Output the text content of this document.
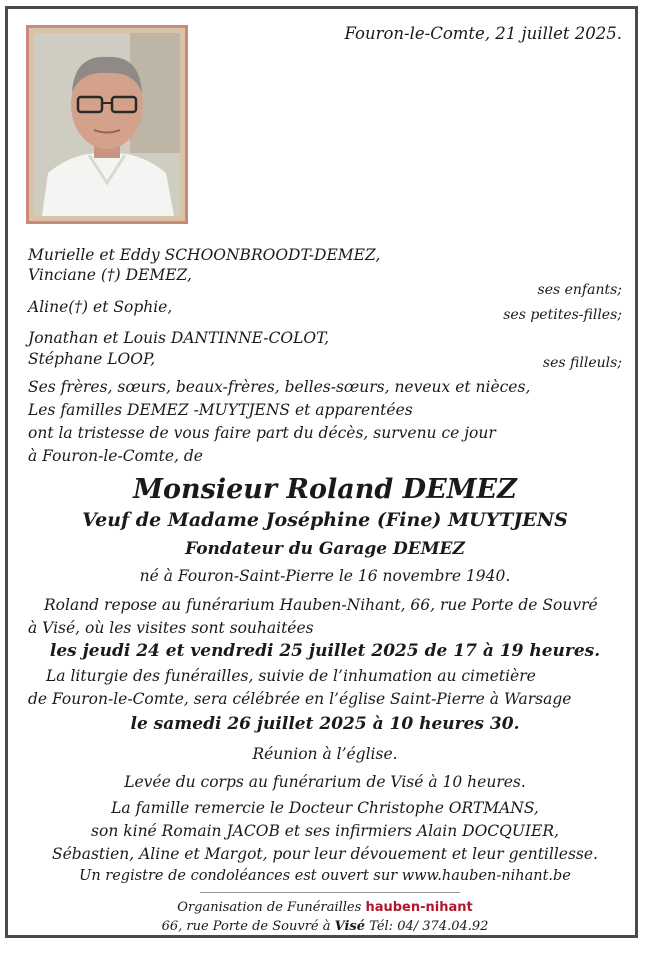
Fouron-le-Comte, 21 juillet 2025.
Murielle et Eddy SCHOONBROODT-DEMEZ,
Vinciane (†) DEMEZ,
ses enfants;
Aline(†) et Sophie,	ses petites-filles;
Jonathan et Louis DANTINNE-COLOT,
Stéphane LOOP,	ses filleuls;
Ses frères, sœurs, beaux-frères, belles-sœurs, neveux et nièces,
Les familles DEMEZ -MUYTJENS et apparentées
ont la tristesse de vous faire part du décès, survenu ce jour
à Fouron-le-Comte, de
Monsieur Roland DEMEZ
Veuf de Madame Joséphine (Fine) MUYTJENS
Fondateur du Garage DEMEZ
né à Fouron-Saint-Pierre le 16 novembre 1940.
Roland repose au funérarium Hauben-Nihant, 66, rue Porte de Souvré
à Visé, où les visites sont souhaitées
les jeudi 24 et vendredi 25 juillet 2025 de 17 à 19 heures.
La liturgie des funérailles, suivie de l’inhumation au cimetière
de Fouron-le-Comte, sera célébrée en l’église Saint-Pierre à Warsage
le samedi 26 juillet 2025 à 10 heures 30.
Réunion à l’église.
Levée du corps au funérarium de Visé à 10 heures.
La famille remercie le Docteur Christophe ORTMANS,
son kiné Romain JACOB et ses infirmiers Alain DOCQUIER,
Sébastien, Aline et Margot, pour leur dévouement et leur gentillesse.
Un registre de condoléances est ouvert sur www.hauben-nihant.be
Organisation de Funérailles hauben-nihant
66, rue Porte de Souvré à Visé Tél: 04/ 374.04.92
